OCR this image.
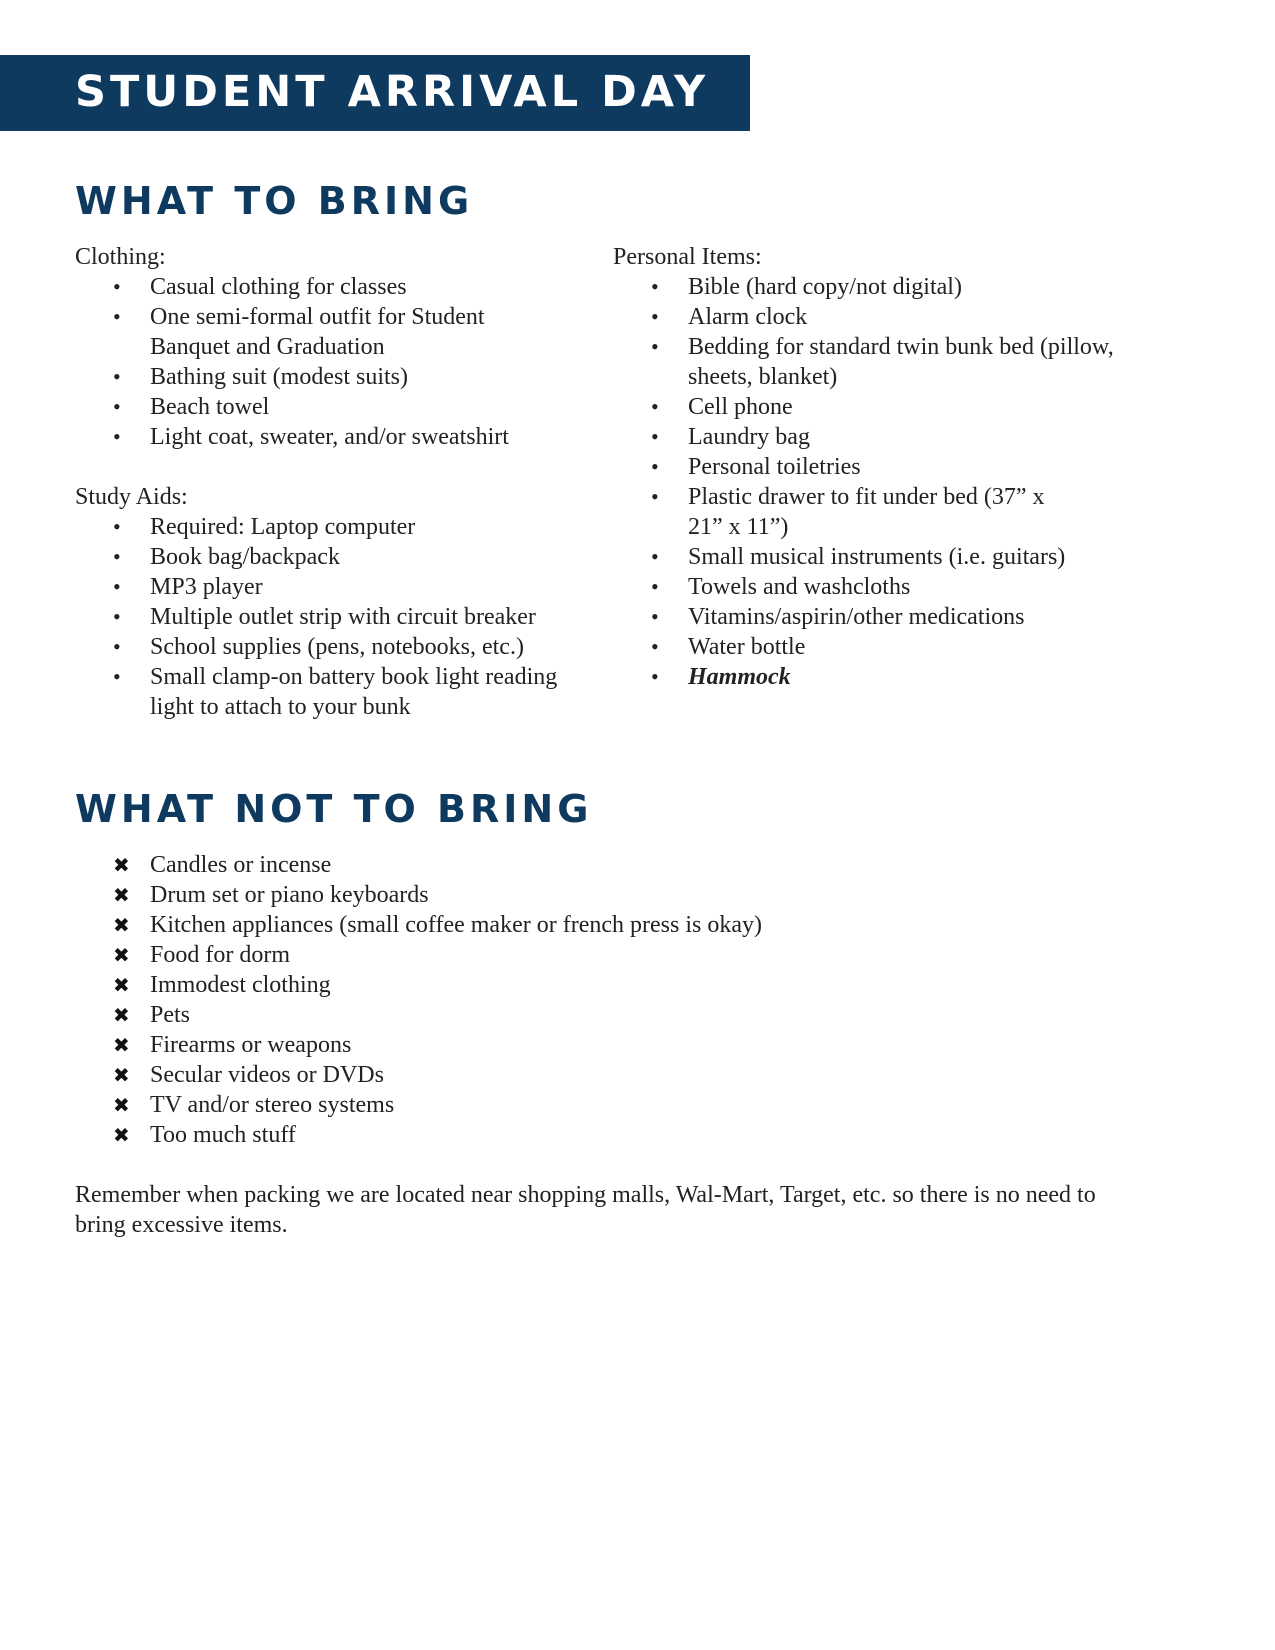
STUDENT ARRIVAL DAY
WHAT TO BRING

Clothing:

• Casual clothing for classes
• One semi-formal outfit for Student Banquet and Graduation
• Bathing suit (modest suits)
• Beach towel
• Light coat, sweater, and/or sweatshirt

Study Aids:

• Required: Laptop computer
• Book bag/backpack
• MP3 player
• Multiple outlet strip with circuit breaker
• School supplies (pens, notebooks, etc.)
• Small clamp-on battery book light reading light to attach to your bunk

Personal Items:

• Bible (hard copy/not digital)
• Alarm clock
• Bedding for standard twin bunk bed (pillow, sheets, blanket)
• Cell phone
• Laundry bag
• Personal toiletries
• Plastic drawer to fit under bed (37” x 21” x 11”)
• Small musical instruments (i.e. guitars)
• Towels and washcloths
• Vitamins/aspirin/other medications
• Water bottle
• Hammock
WHAT NOT TO BRING
✖ Candles or incense
✖ Drum set or piano keyboards
✖ Kitchen appliances (small coffee maker or french press is okay)
✖ Food for dorm
✖ Immodest clothing
✖ Pets
✖ Firearms or weapons
✖ Secular videos or DVDs
✖ TV and/or stereo systems
✖ Too much stuff

Remember when packing we are located near shopping malls, Wal-Mart, Target, etc. so there is no need to bring excessive items.
